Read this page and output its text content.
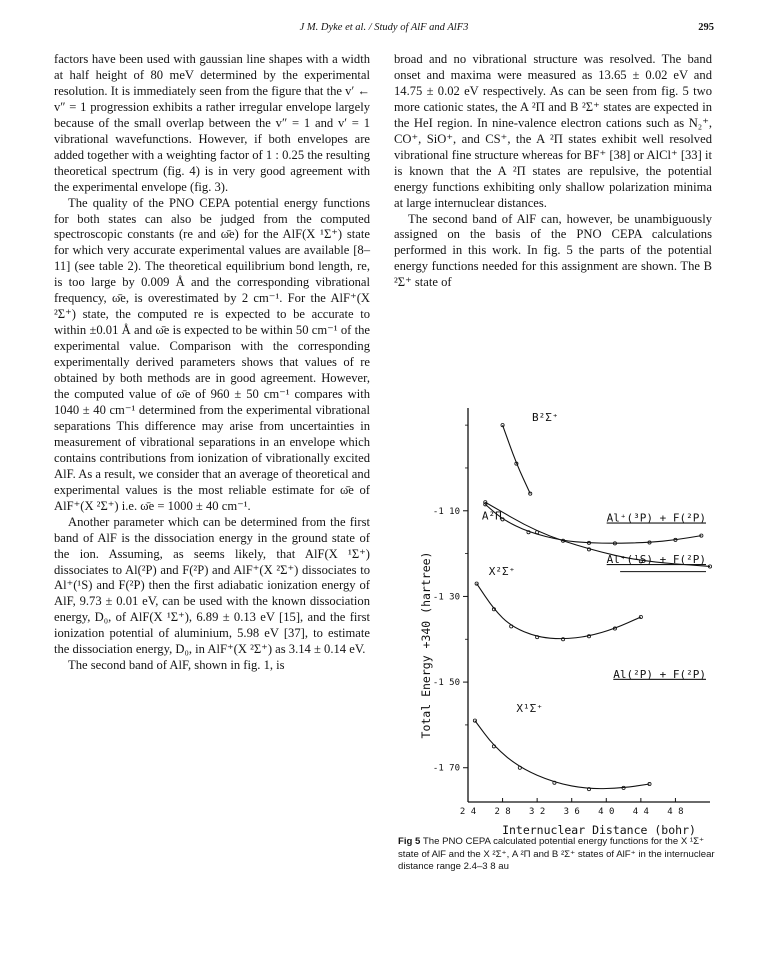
J M. Dyke et al. / Study of AlF and AlF3	295

factors have been used with gaussian line shapes with a width at half height of 80 meV determined by the experimental resolution. It is immediately seen from the figure that the v′ ← v″ = 1 progression exhibits a rather irregular envelope largely because of the small overlap between the v″ = 1 and v′ = 1 vibrational wavefunctions. However, if both envelopes are added together with a weighting factor of 1 : 0.25 the resulting theoretical spectrum (fig. 4) is in very good agreement with the experimental envelope (fig. 3).

The quality of the PNO CEPA potential energy functions for both states can also be judged from the computed spectroscopic constants (re and ω̄e) for the AlF(X ¹Σ⁺) state for which very accurate experimental values are available [8–11] (see table 2). The theoretical equilibrium bond length, re, is too large by 0.009 Å and the corresponding vibrational frequency, ω̄e, is overestimated by 2 cm⁻¹. For the AlF⁺(X ²Σ⁺) state, the computed re is expected to be accurate to within ±0.01 Å and ω̄e is expected to be within 50 cm⁻¹ of the experimental value. Comparison with the corresponding experimentally derived parameters shows that values of re obtained by both methods are in good agreement. However, the computed value of ω̄e of 960 ± 50 cm⁻¹ compares with 1040 ± 40 cm⁻¹ determined from the experimental vibrational separations This difference may arise from uncertainties in measurement of vibrational separations in an envelope which contains contributions from ionization of vibrationally excited AlF. As a result, we consider that an average of theoretical and experimental values is the most reliable estimate for ω̄e of AlF⁺(X ²Σ⁺) i.e. ω̄e = 1000 ± 40 cm⁻¹.

Another parameter which can be determined from the first band of AlF is the dissociation energy in the ground state of the ion. Assuming, as seems likely, that AlF(X ¹Σ⁺) dissociates to Al(²P) and F(²P) and AlF⁺(X ²Σ⁺) dissociates to Al⁺(¹S) and F(²P) then the first adiabatic ionization energy of AlF, 9.73 ± 0.01 eV, can be used with the known dissociation energy, D₀, of AlF(X ¹Σ⁺), 6.89 ± 0.13 eV [15], and the first ionization potential of aluminium, 5.98 eV [37], to estimate the dissociation energy, D₀, in AlF⁺(X ²Σ⁺) as 3.14 ± 0.14 eV.

The second band of AlF, shown in fig. 1, is

broad and no vibrational structure was resolved. The band onset and maxima were measured as 13.65 ± 0.02 eV and 14.75 ± 0.02 eV respectively. As can be seen from fig. 5 two more cationic states, the A ²Π and B ²Σ⁺ states are expected in the HeI region. In nine-valence electron cations such as N₂⁺, CO⁺, SiO⁺, and CS⁺, the A ²Π states exhibit well resolved vibrational fine structure whereas for BF⁺ [38] or AlCl⁺ [33] it is known that the A ²Π states are repulsive, the potential energy functions exhibiting only shallow polarization minima at large internuclear distances.

The second band of AlF can, however, be unambiguously assigned on the basis of the PNO CEPA calculations performed in this work. In fig. 5 the parts of the potential energy functions needed for this assignment are shown. The B ²Σ⁺ state of

-1 10
-1 30
-1 50
-1 70
2 4 2 8 3 2 3 6 4 0 4 4 4 8
Internuclear Distance (bohr)
Total Energy +340 (hartree)
B²Σ⁺
A²Π
X²Σ⁺
X¹Σ⁺
Al⁺(³P) + F(²P)
Al⁺(¹S) + F(²P)
Al(²P) + F(²P)
Fig 5 The PNO CEPA calculated potential energy functions for the X ¹Σ⁺ state of AlF and the X ²Σ⁺, A ²Π and B ²Σ⁺ states of AlF⁺ in the internuclear distance range 2.4–3 8 au
